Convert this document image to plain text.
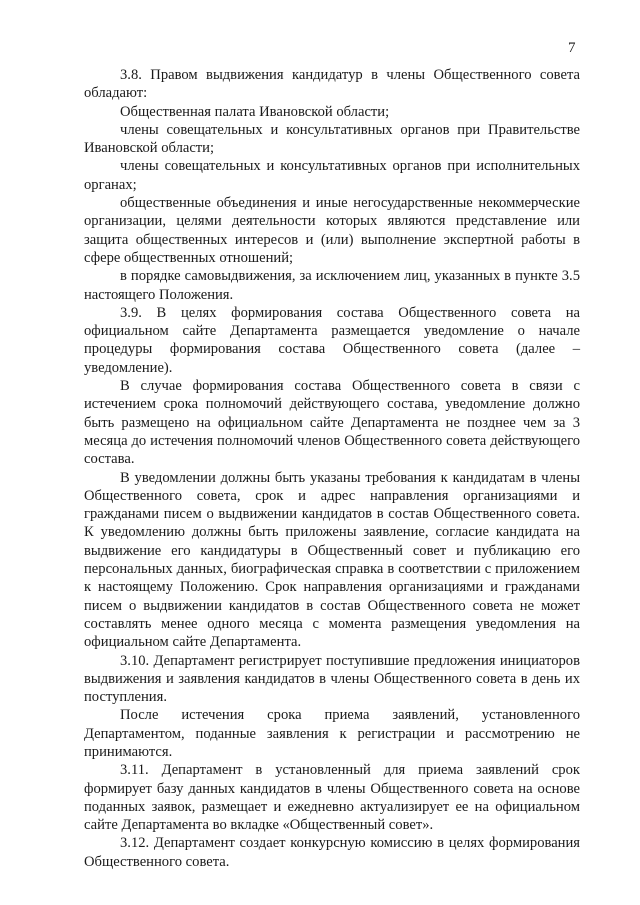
7

3.8. Правом выдвижения кандидатур в члены Общественного совета обладают:

Общественная палата Ивановской области;

члены совещательных и консультативных органов при Правительстве Ивановской области;

члены совещательных и консультативных органов при исполнительных органах;

общественные объединения и иные негосударственные некоммерческие организации, целями деятельности которых являются представление или защита общественных интересов и (или) выполнение экспертной работы в сфере общественных отношений;

в порядке самовыдвижения, за исключением лиц, указанных в пункте 3.5 настоящего Положения.

3.9. В целях формирования состава Общественного совета на официальном сайте Департамента размещается уведомление о начале процедуры формирования состава Общественного совета (далее – уведомление).

В случае формирования состава Общественного совета в связи с истечением срока полномочий действующего состава, уведомление должно быть размещено на официальном сайте Департамента не позднее чем за 3 месяца до истечения полномочий членов Общественного совета действующего состава.

В уведомлении должны быть указаны требования к кандидатам в члены Общественного совета, срок и адрес направления организациями и гражданами писем о выдвижении кандидатов в состав Общественного совета. К уведомлению должны быть приложены заявление, согласие кандидата на выдвижение его кандидатуры в Общественный совет и публикацию его персональных данных, биографическая справка в соответствии с приложением к настоящему Положению. Срок направления организациями и гражданами писем о выдвижении кандидатов в состав Общественного совета не может составлять менее одного месяца с момента размещения уведомления на официальном сайте Департамента.

3.10. Департамент регистрирует поступившие предложения инициаторов выдвижения и заявления кандидатов в члены Общественного совета в день их поступления.

После истечения срока приема заявлений, установленного Департаментом, поданные заявления к регистрации и рассмотрению не принимаются.

3.11. Департамент в установленный для приема заявлений срок формирует базу данных кандидатов в члены Общественного совета на основе поданных заявок, размещает и ежедневно актуализирует ее на официальном сайте Департамента во вкладке «Общественный совет».

3.12. Департамент создает конкурсную комиссию в целях формирования Общественного совета.
